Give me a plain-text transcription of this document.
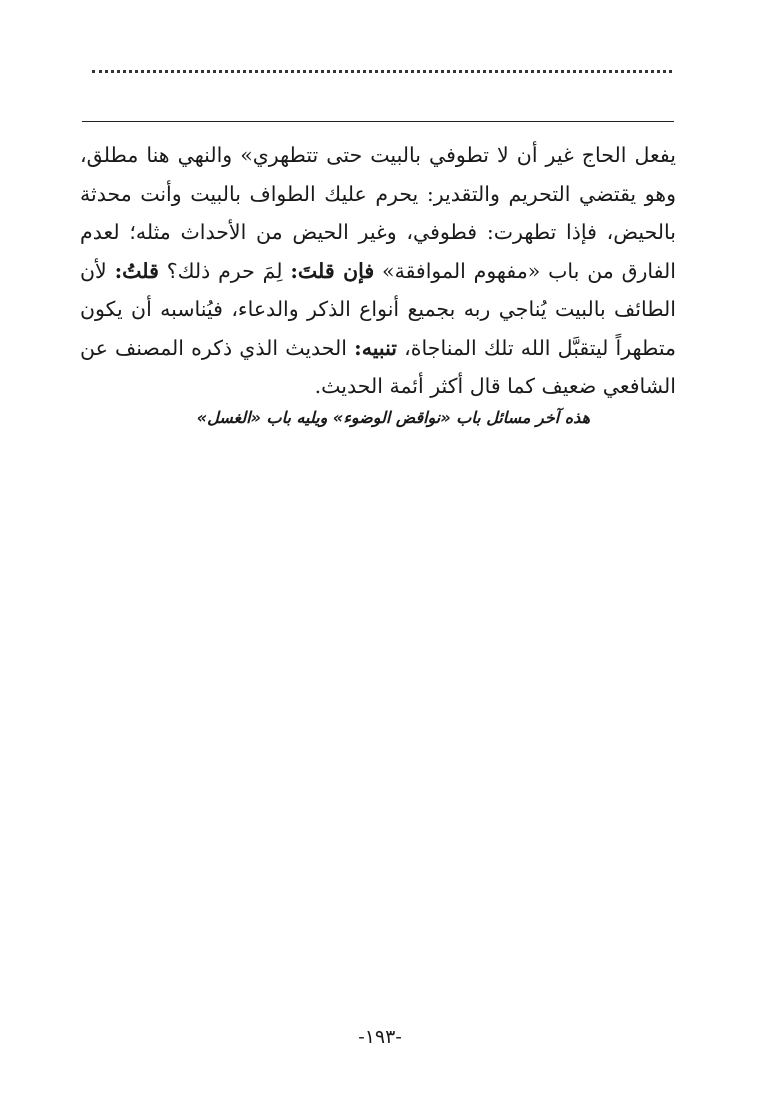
يفعل الحاج غير أن لا تطوفي بالبيت حتى تتطهري» والنهي هنا مطلق، وهو يقتضي التحريم والتقدير: يحرم عليك الطواف بالبيت وأنت محدثة بالحيض، فإذا تطهرت: فطوفي، وغير الحيض من الأحداث مثله؛ لعدم الفارق من باب «مفهوم الموافقة» فإن قلتَ: لِمَ حرم ذلك؟ قلتُ: لأن الطائف بالبيت يُناجي ربه بجميع أنواع الذكر والدعاء، فيُناسبه أن يكون متطهراً ليتقبَّل الله تلك المناجاة، تنبيه: الحديث الذي ذكره المصنف عن الشافعي ضعيف كما قال أكثر أئمة الحديث.

هذه آخر مسائل باب «نواقض الوضوء» ويليه باب «الغسل»

-١٩٣-
